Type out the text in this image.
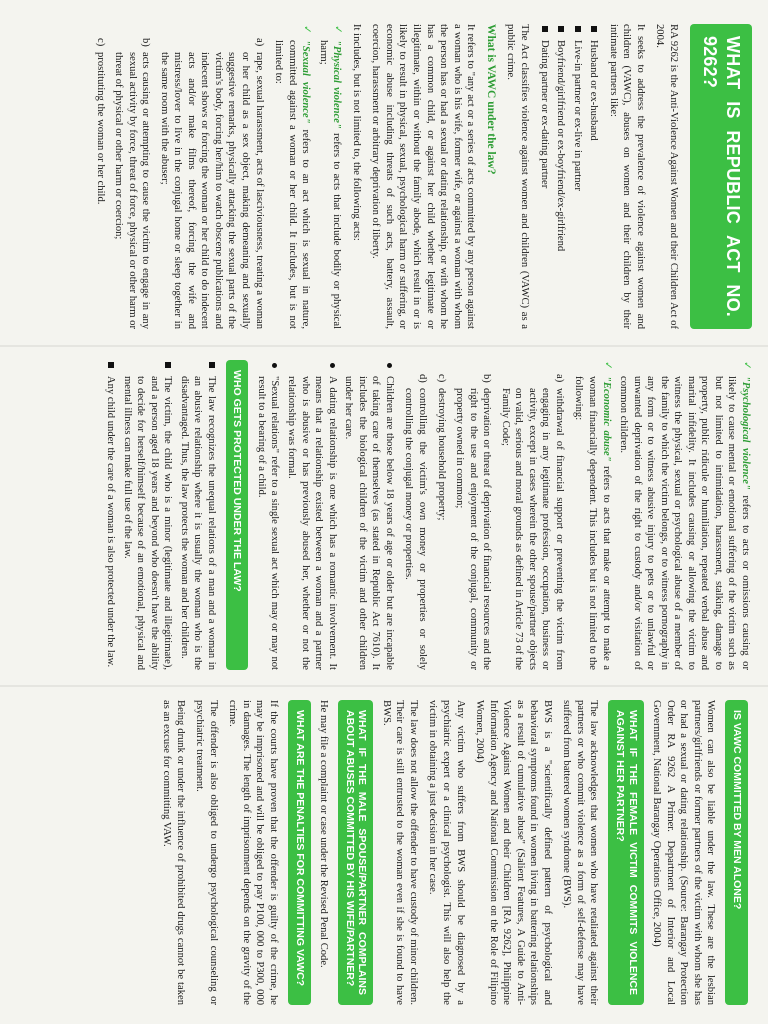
WHAT IS REPUBLIC ACT NO. 9262?

RA 9262 is the Anti-Violence Against Women and their Children Act of 2004.

It seeks to address the prevalence of violence against women and children (VAWC), abuses on women and their children by their intimate partners like:

Husband or ex-husband
Live-in partner or ex-live in partner
Boyfriend/girlfriend or ex-boyfriend/ex-girlfriend
Dating partner or ex-dating partner

The Act classifies violence against women and children (VAWC) as a public crime.

What is VAWC under the law?

It refers to "any act or a series of acts committed by any person against a woman who is his wife, former wife, or against a woman with whom the person has or had a sexual or dating relationship, or with whom he has a common child, or against her child whether legitimate or illegitimate, within or without the family abode, which result in or is likely to result in physical, sexual, psychological harm or suffering, or economic abuse including threats of such acts, battery, assault, coercion, harassment or arbitrary deprivation of liberty.

It includes, but is not limited to, the following acts:

✓
"Physical violence" refers to acts that include bodily or physical harm;
✓
"Sexual violence" refers to an act which is sexual in nature, committed against a woman or her child. It includes, but is not limited to:
a)
rape, sexual harassment, acts of lasciviousness, treating a woman or her child as a sex object, making demeaning and sexually suggestive remarks, physically attacking the sexual parts of the victim's body, forcing her/him to watch obscene publications and indecent shows or forcing the woman or her child to do indecent acts and/or make films thereof, forcing the wife and mistress/lover to live in the conjugal home or sleep together in the same room with the abuser;
b)
acts causing or attempting to cause the victim to engage in any sexual activity by force, threat of force, physical or other harm or threat of physical or other harm or coercion;
c)
prostituting the woman or her child.
✓
"Psychological violence" refers to acts or omissions causing or likely to cause mental or emotional suffering of the victim such as but not limited to intimidation, harassment, stalking, damage to property, public ridicule or humiliation, repeated verbal abuse and marital infidelity. It includes causing or allowing the victim to witness the physical, sexual or psychological abuse of a member of the family to which the victim belongs, or to witness pornography in any form or to witness abusive injury to pets or to unlawful or unwanted deprivation of the right to custody and/or visitation of common children.
✓
"Economic abuse" refers to acts that make or attempt to make a woman financially dependent. This includes but is not limited to the following:
a)
withdrawal of financial support or preventing the victim from engaging in any legitimate profession, occupation, business or activity, except in cases wherein the other spouse/partner objects on valid, serious and moral grounds as defined in Article 73 of the Family Code;
b)
deprivation or threat of deprivation of financial resources and the right to the use and enjoyment of the conjugal, community or property owned in common;
c)
destroying household property;
d)
controlling the victim's own money or properties or solely controlling the conjugal money or properties.
Children are those below 18 years of age or older but are incapable of taking care of themselves (as stated in Republic Act 7610). It includes the biological children of the victim and other children under her care.
A dating relationship is one which has a romantic involvement. It means that a relationship existed between a woman and a partner who is abusive or has previously abused her, whether or not the relationship was formal.
"Sexual relations" refer to a single sexual act which may or may not result to a bearing of a child.
WHO GETS PROTECTED UNDER THE LAW?
The law recognizes the unequal relations of a man and a woman in an abusive relationship where it is usually the woman who is the disadvantaged. Thus, the law protects the woman and her children.
The victim, the child who is a minor (legitimate and illegitimate), and a person aged 18 years and beyond who doesn't have the ability to decide for herself/himself because of an emotional, physical and mental illness can make full use of the law.
Any child under the care of a woman is also protected under the law.
IS VAWC COMMITTED BY MEN ALONE?

Women can also be liable under the law. These are the lesbian partners/girlfriends or former partners of the victim with whom she has or had a sexual or dating relationship. (Source: Barangay Protection Order RA 9262 A Primer. Department of Interior and Local Government, National Barangay Operations Office, 2004)

WHAT IF THE FEMALE VICTIM COMMITS VIOLENCE AGAINST HER PARTNER?

The law acknowledges that women who have retaliated against their partners or who commit violence as a form of self-defense may have suffered from battered women syndrome (BWS).

BWS is a "scientifically defined pattern of psychological and behavioral symptoms found in women living in battering relationships as a result of cumulative abuse" (Salient Features, A Guide to Anti-Violence Against Women and their Children [RA 9262], Philippine Information Agency and National Commission on the Role of Filipino Women, 2004)

Any victim who suffers from BWS should be diagnosed by a psychiatric expert or a clinical psychologist. This will also help the victim in obtaining a just decision in her case.

The law does not allow the offender to have custody of minor children. Their care is still entrusted to the woman even if she is found to have BWS.

WHAT IF THE MALE SPOUSE/PARTNER COMPLAINS ABOUT ABUSES COMMITTED BY HIS WIFE/PARTNER?

He may file a complaint or case under the Revised Penal Code.

WHAT ARE THE PENALTIES FOR COMMITTING VAWC?

If the courts have proven that the offender is guilty of the crime, he may be imprisoned and will be obliged to pay P100, 000 to P300, 000 in damages. The length of imprisonment depends on the gravity of the crime.

The offender is also obliged to undergo psychological counseling or psychiatric treatment.

Being drunk or under the influence of prohibited drugs cannot be taken as an excuse for committing VAW.
